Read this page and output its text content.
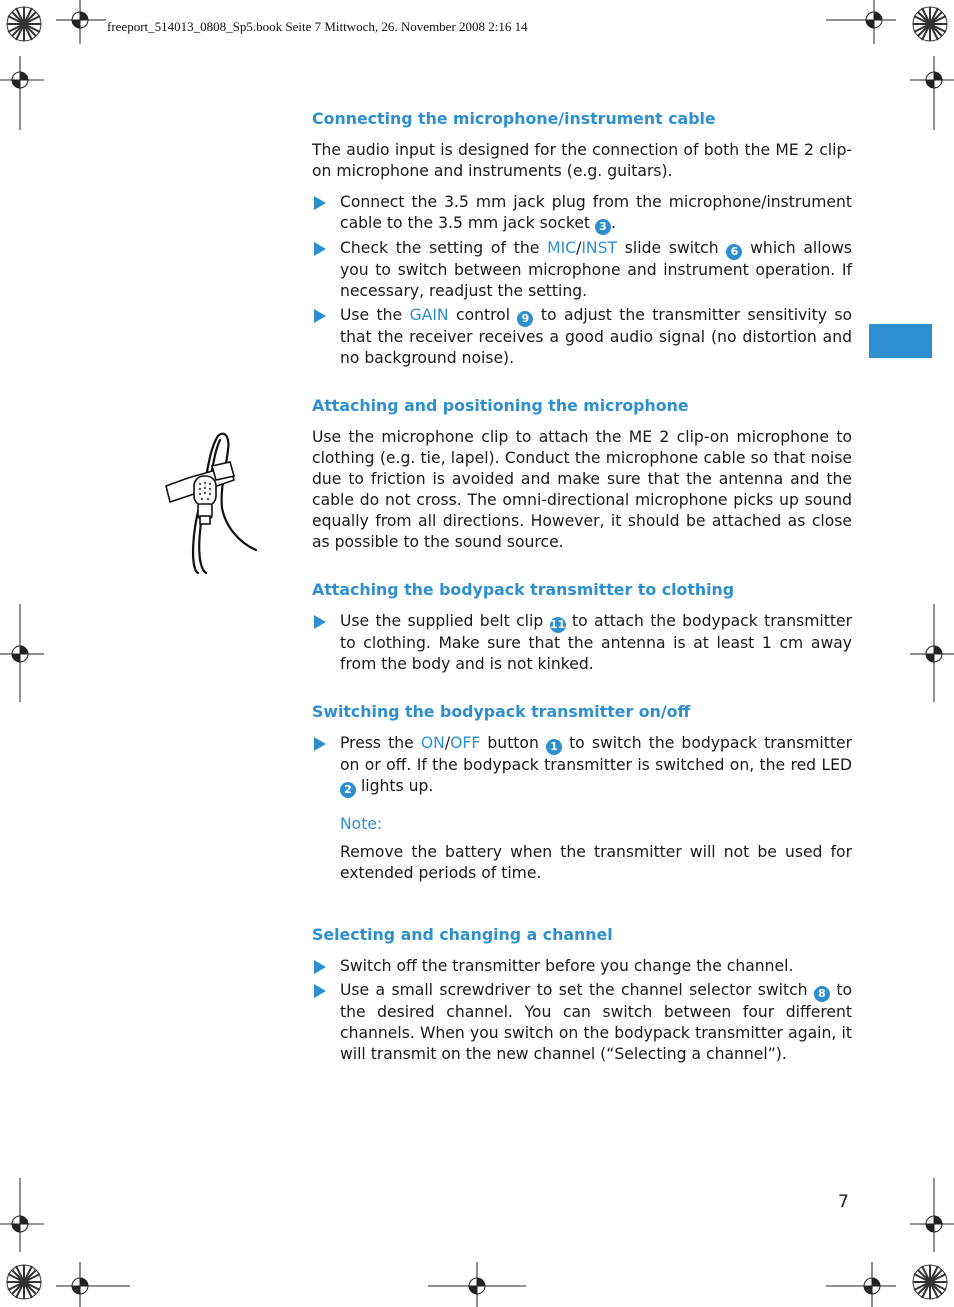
freeport_514013_0808_Sp5.book Seite 7 Mittwoch, 26. November 2008 2:16 14
Connecting the microphone/instrument cable

The audio input is designed for the connection of both the ME 2 clip-on microphone and instruments (e.g. guitars).

Connect the 3.5 mm jack plug from the microphone/instrument cable to the 3.5 mm jack socket 3 .
Check the setting of the MIC/INST slide switch 6 which allows you to switch between microphone and instrument operation. If necessary, readjust the setting.
Use the GAIN control 9 to adjust the transmitter sensitivity so that the receiver receives a good audio signal (no distortion and no background noise).
Attaching and positioning the microphone

Use the microphone clip to attach the ME 2 clip-on microphone to clothing (e.g. tie, lapel). Conduct the microphone cable so that noise due to friction is avoided and make sure that the antenna and the cable do not cross. The omni-directional microphone picks up sound equally from all directions. However, it should be attached as close as possible to the sound source.

Attaching the bodypack transmitter to clothing
Use the supplied belt clip 11 to attach the bodypack transmitter to clothing. Make sure that the antenna is at least 1 cm away from the body and is not kinked.
Switching the bodypack transmitter on/off
Press the ON/OFF button 1 to switch the bodypack transmitter on or off. If the bodypack transmitter is switched on, the red LED 2 lights up.
Note:

Remove the battery when the transmitter will not be used for extended periods of time.

Selecting and changing a channel
Switch off the transmitter before you change the channel.
Use a small screwdriver to set the channel selector switch 8 to the desired channel. You can switch between four different channels. When you switch on the bodypack transmitter again, it will transmit on the new channel (“Selecting a channel”).
7
